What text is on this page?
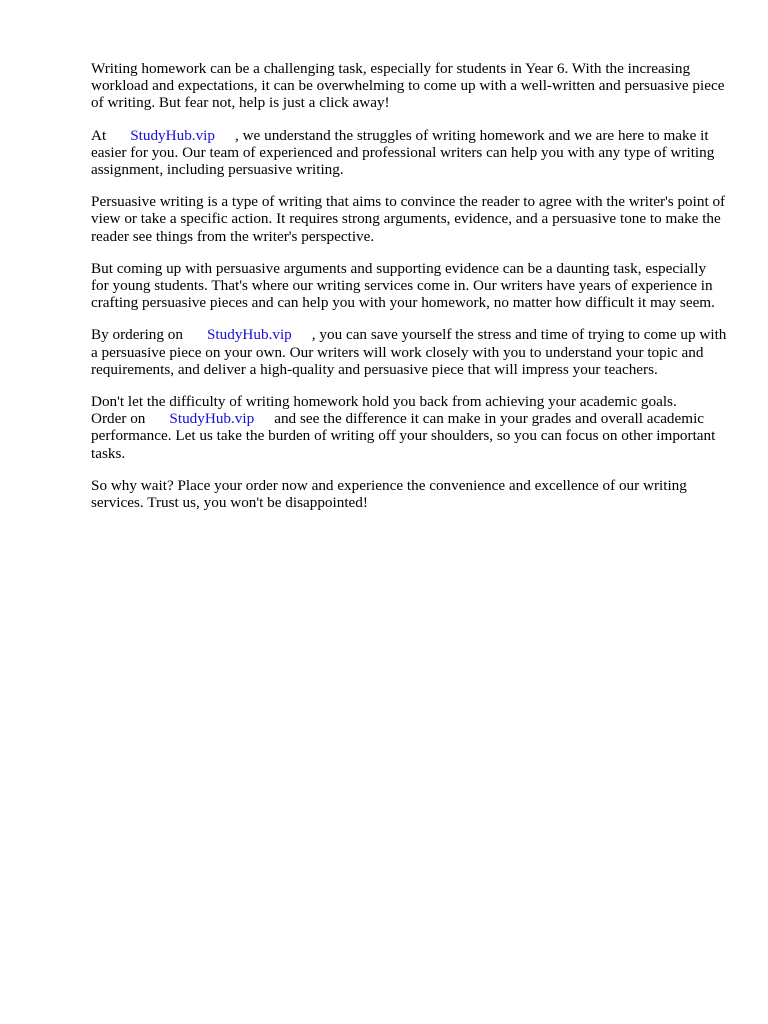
Writing homework can be a challenging task, especially for students in Year 6. With the increasing workload and expectations, it can be overwhelming to come up with a well-written and persuasive piece of writing. But fear not, help is just a click away!

At StudyHub.vip , we understand the struggles of writing homework and we are here to make it easier for you. Our team of experienced and professional writers can help you with any type of writing assignment, including persuasive writing.

Persuasive writing is a type of writing that aims to convince the reader to agree with the writer's point of view or take a specific action. It requires strong arguments, evidence, and a persuasive tone to make the reader see things from the writer's perspective.

But coming up with persuasive arguments and supporting evidence can be a daunting task, especially for young students. That's where our writing services come in. Our writers have years of experience in crafting persuasive pieces and can help you with your homework, no matter how difficult it may seem.

By ordering on StudyHub.vip , you can save yourself the stress and time of trying to come up with a persuasive piece on your own. Our writers will work closely with you to understand your topic and requirements, and deliver a high-quality and persuasive piece that will impress your teachers.

Don't let the difficulty of writing homework hold you back from achieving your academic goals.
Order on StudyHub.vip and see the difference it can make in your grades and overall academic performance. Let us take the burden of writing off your shoulders, so you can focus on other important tasks.

So why wait? Place your order now and experience the convenience and excellence of our writing services. Trust us, you won't be disappointed!
